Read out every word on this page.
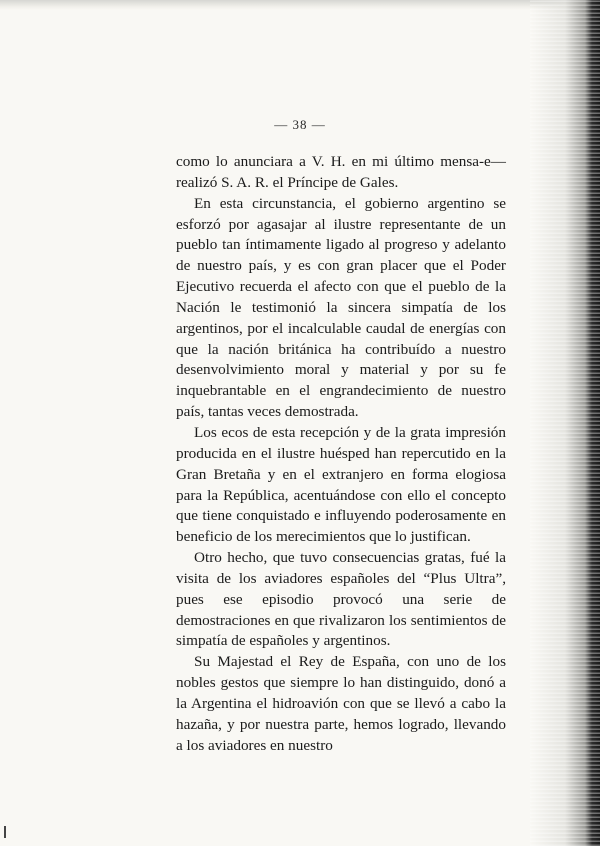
— 38 —

como lo anunciara a V. H. en mi último mensa-e— realizó S. A. R. el Príncipe de Gales.

En esta circunstancia, el gobierno argentino se esforzó por agasajar al ilustre representante de un pueblo tan íntimamente ligado al progreso y adelanto de nuestro país, y es con gran placer que el Poder Ejecutivo recuerda el afecto con que el pueblo de la Nación le testimonió la sincera simpatía de los argentinos, por el incalculable caudal de energías con que la nación británica ha contribuído a nuestro desenvolvimiento moral y material y por su fe inquebrantable en el engrandecimiento de nuestro país, tantas veces demostrada.

Los ecos de esta recepción y de la grata impresión producida en el ilustre huésped han repercutido en la Gran Bretaña y en el extranjero en forma elogiosa para la República, acentuándose con ello el concepto que tiene conquistado e influyendo poderosamente en beneficio de los merecimientos que lo justifican.

Otro hecho, que tuvo consecuencias gratas, fué la visita de los aviadores españoles del “Plus Ultra”, pues ese episodio provocó una serie de demostraciones en que rivalizaron los sentimientos de simpatía de españoles y argentinos.

Su Majestad el Rey de España, con uno de los nobles gestos que siempre lo han distinguido, donó a la Argentina el hidroavión con que se llevó a cabo la hazaña, y por nuestra parte, hemos logrado, llevando a los aviadores en nuestro
